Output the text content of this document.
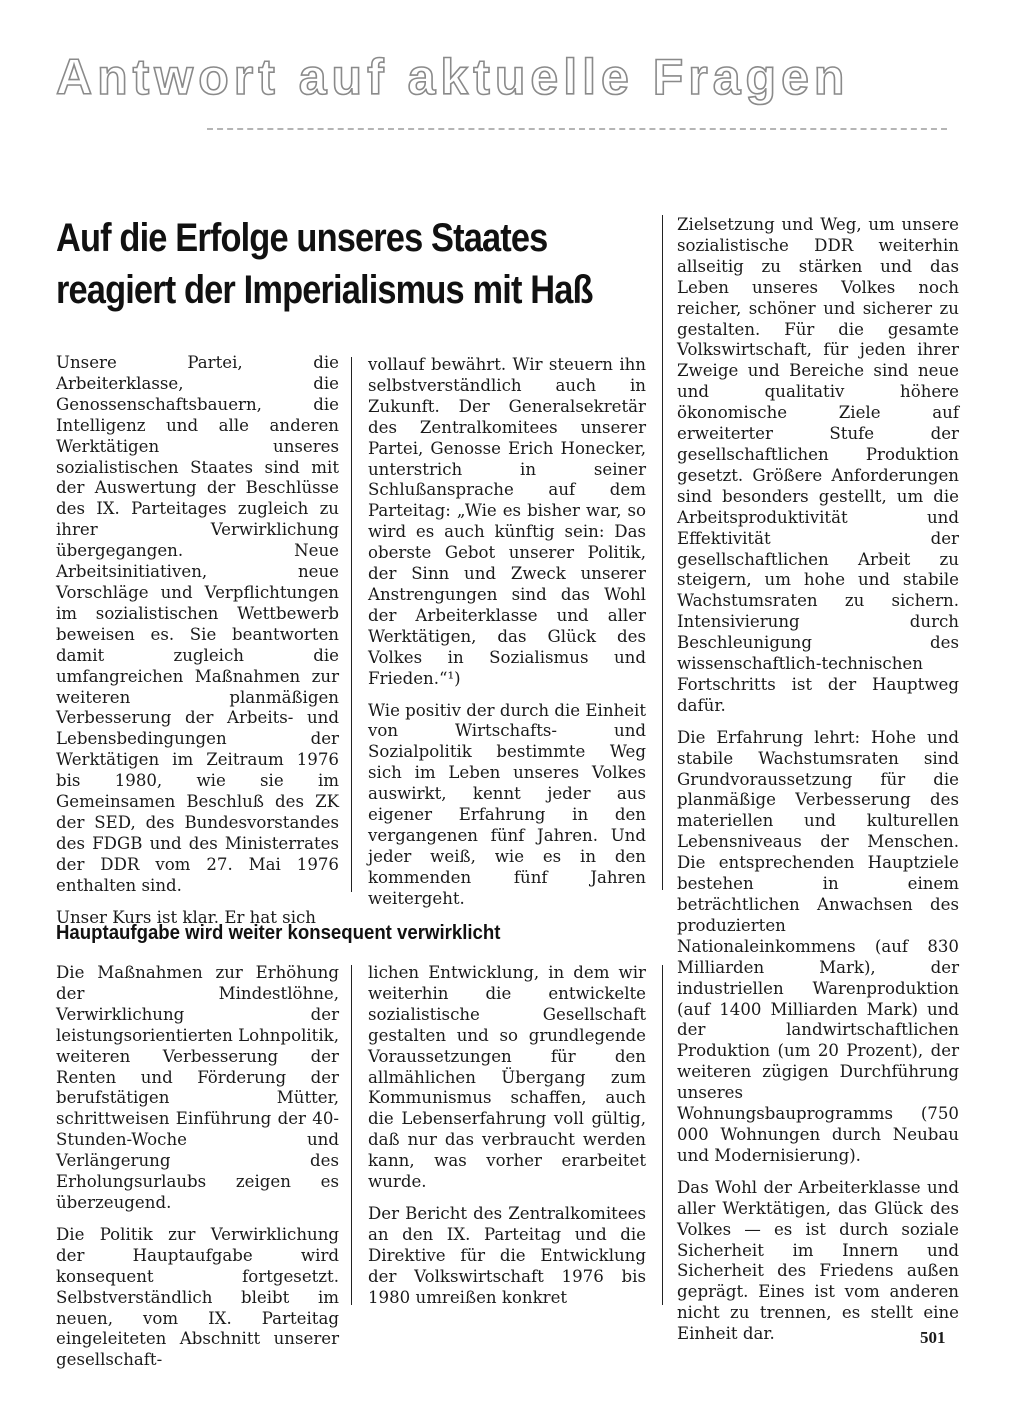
Antwort auf aktuelle Fragen
Auf die Erfolge unseres Staates
reagiert der Imperialismus mit Haß

Unsere Partei, die Arbeiterklasse, die Genossenschaftsbauern, die Intelligenz und alle anderen Werktätigen unseres sozialistischen Staates sind mit der Auswertung der Beschlüsse des IX. Parteitages zugleich zu ihrer Verwirklichung übergegangen. Neue Arbeitsinitiativen, neue Vorschläge und Verpflichtungen im sozialistischen Wettbewerb beweisen es. Sie beantworten damit zugleich die umfangreichen Maßnahmen zur weiteren planmäßigen Verbesserung der Arbeits- und Lebensbedingungen der Werktätigen im Zeitraum 1976 bis 1980, wie sie im Gemeinsamen Beschluß des ZK der SED, des Bundesvorstandes des FDGB und des Ministerrates der DDR vom 27. Mai 1976 enthalten sind.

Unser Kurs ist klar. Er hat sich

vollauf bewährt. Wir steuern ihn selbstverständlich auch in Zukunft. Der Generalsekretär des Zentralkomitees unserer Partei, Genosse Erich Honecker, unterstrich in seiner Schlußansprache auf dem Parteitag: „Wie es bisher war, so wird es auch künftig sein: Das oberste Gebot unserer Politik, der Sinn und Zweck unserer Anstrengungen sind das Wohl der Arbeiterklasse und aller Werktätigen, das Glück des Volkes in Sozialismus und Frieden.“¹)

Wie positiv der durch die Einheit von Wirtschafts- und Sozialpolitik bestimmte Weg sich im Leben unseres Volkes auswirkt, kennt jeder aus eigener Erfahrung in den vergangenen fünf Jahren. Und jeder weiß, wie es in den kommenden fünf Jahren weitergeht.

Zielsetzung und Weg, um unsere sozialistische DDR weiterhin allseitig zu stärken und das Leben unseres Volkes noch reicher, schöner und sicherer zu gestalten. Für die gesamte Volkswirtschaft, für jeden ihrer Zweige und Bereiche sind neue und qualitativ höhere ökonomische Ziele auf erweiterter Stufe der gesellschaftlichen Produktion gesetzt. Größere Anforderungen sind besonders gestellt, um die Arbeitsproduktivität und Effektivität der gesellschaftlichen Arbeit zu steigern, um hohe und stabile Wachstumsraten zu sichern. Intensivierung durch Beschleunigung des wissenschaftlich-technischen Fortschritts ist der Hauptweg dafür.

Die Erfahrung lehrt: Hohe und stabile Wachstumsraten sind Grundvoraussetzung für die planmäßige Verbesserung des materiellen und kulturellen Lebensniveaus der Menschen. Die entsprechenden Hauptziele bestehen in einem beträchtlichen Anwachsen des produzierten Nationaleinkommens (auf 830 Milliarden Mark), der industriellen Warenproduktion (auf 1400 Milliarden Mark) und der landwirtschaftlichen Produktion (um 20 Prozent), der weiteren zügigen Durchführung unseres Wohnungsbauprogramms (750 000 Wohnungen durch Neubau und Modernisierung).

Das Wohl der Arbeiterklasse und aller Werktätigen, das Glück des Volkes — es ist durch soziale Sicherheit im Innern und Sicherheit des Friedens außen geprägt. Eines ist vom anderen nicht zu trennen, es stellt eine Einheit dar.

Hauptaufgabe wird weiter konsequent verwirklicht

Die Maßnahmen zur Erhöhung der Mindestlöhne, Verwirklichung der leistungsorientierten Lohnpolitik, weiteren Verbesserung der Renten und Förderung der berufstätigen Mütter, schrittweisen Einführung der 40-Stunden-Woche und Verlängerung des Erholungsurlaubs zeigen es überzeugend.

Die Politik zur Verwirklichung der Hauptaufgabe wird konsequent fortgesetzt. Selbstverständlich bleibt im neuen, vom IX. Parteitag eingeleiteten Abschnitt unserer gesellschaft-

lichen Entwicklung, in dem wir weiterhin die entwickelte sozialistische Gesellschaft gestalten und so grundlegende Voraussetzungen für den allmählichen Übergang zum Kommunismus schaffen, auch die Lebenserfahrung voll gültig, daß nur das verbraucht werden kann, was vorher erarbeitet wurde.

Der Bericht des Zentralkomitees an den IX. Parteitag und die Direktive für die Entwicklung der Volkswirtschaft 1976 bis 1980 umreißen konkret

501
